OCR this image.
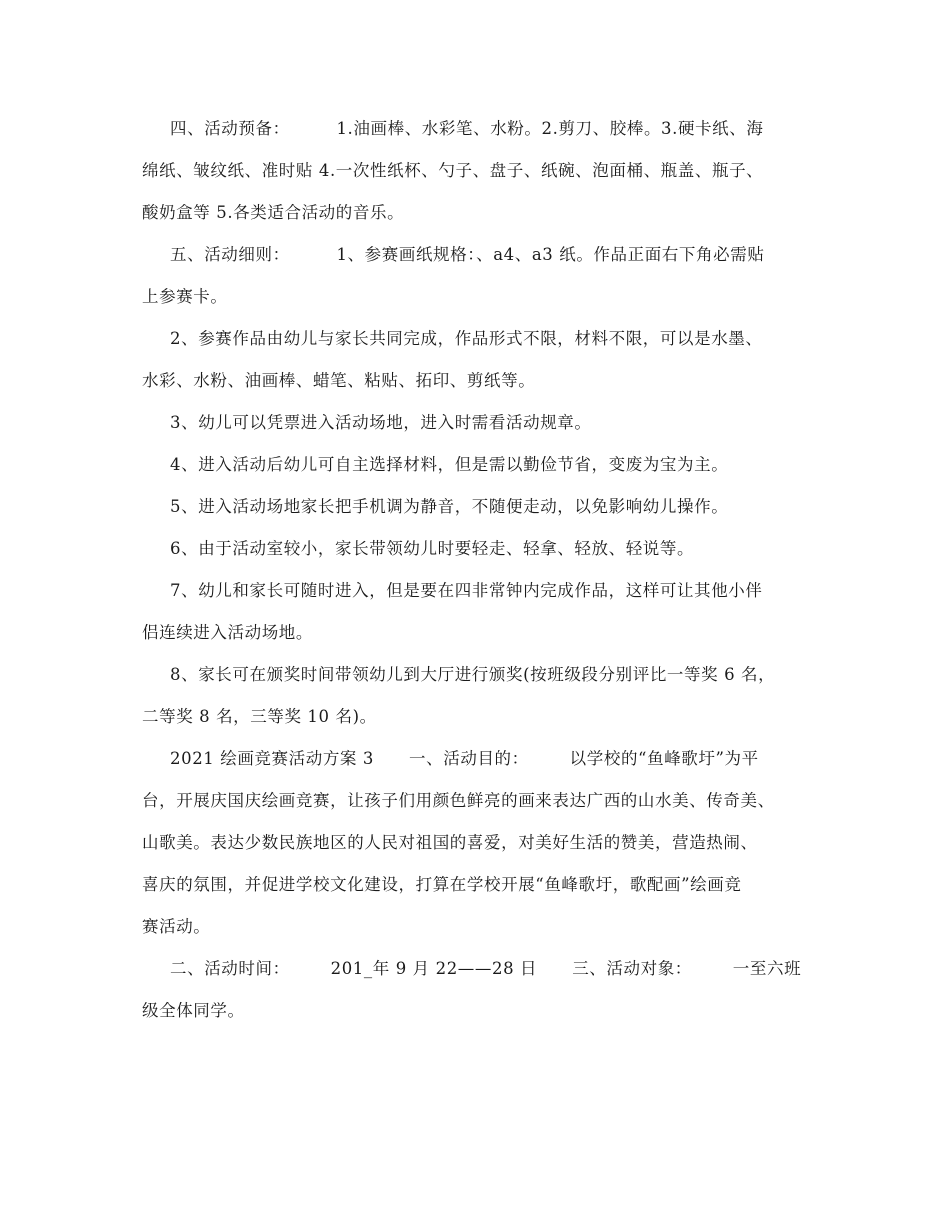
四、活动预备：        1.油画棒、水彩笔、水粉。2.剪刀、胶棒。3.硬卡纸、海
绵纸、皱纹纸、准时贴 4.一次性纸杯、勺子、盘子、纸碗、泡面桶、瓶盖、瓶子、
酸奶盒等 5.各类适合活动的音乐。
五、活动细则：        1、参赛画纸规格：、a4、a3 纸。作品正面右下角必需贴
上参赛卡。
2、参赛作品由幼儿与家长共同完成，作品形式不限，材料不限，可以是水墨、
水彩、水粉、油画棒、蜡笔、粘贴、拓印、剪纸等。
3、幼儿可以凭票进入活动场地，进入时需看活动规章。
4、进入活动后幼儿可自主选择材料，但是需以勤俭节省，变废为宝为主。
5、进入活动场地家长把手机调为静音，不随便走动，以免影响幼儿操作。
6、由于活动室较小，家长带领幼儿时要轻走、轻拿、轻放、轻说等。
7、幼儿和家长可随时进入，但是要在四非常钟内完成作品，这样可让其他小伴
侣连续进入活动场地。
8、家长可在颁奖时间带领幼儿到大厅进行颁奖(按班级段分别评比一等奖 6 名，
二等奖 8 名，三等奖 10 名)。
2021 绘画竞赛活动方案 3      一、活动目的：       以学校的“鱼峰歌圩”为平
台，开展庆国庆绘画竞赛，让孩子们用颜色鲜亮的画来表达广西的山水美、传奇美、
山歌美。表达少数民族地区的人民对祖国的喜爱，对美好生活的赞美，营造热闹、
喜庆的氛围，并促进学校文化建设，打算在学校开展“鱼峰歌圩，歌配画”绘画竞
赛活动。
二、活动时间：       201_年 9 月 22——28 日      三、活动对象：       一至六班
级全体同学。
